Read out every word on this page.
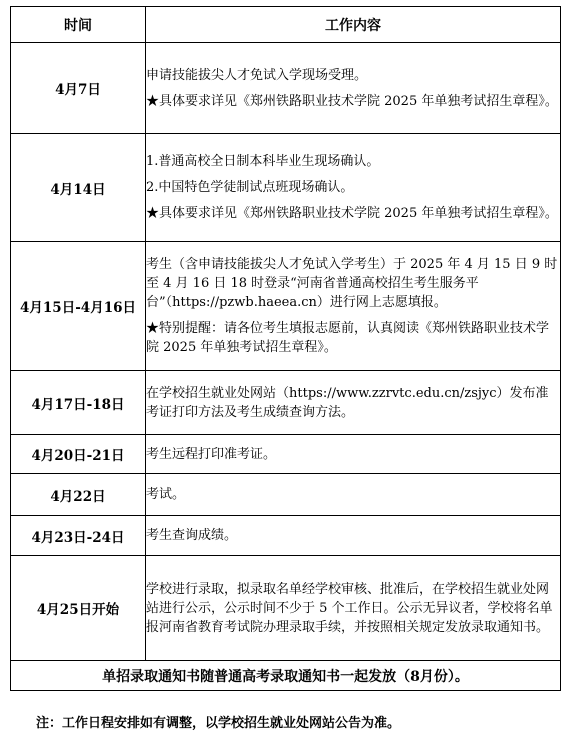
时间	工作内容
4月7日	申请技能拔尖人才免试入学现场受理。

★具体要求详见《郑州铁路职业技术学院 2025 年单独考试招生章程》。

4月14日	1.普通高校全日制本科毕业生现场确认。

2.中国特色学徒制试点班现场确认。

★具体要求详见《郑州铁路职业技术学院 2025 年单独考试招生章程》。

4月15日-4月16日	考生（含申请技能拔尖人才免试入学考生）于 2025 年 4 月 15 日 9 时至 4 月 16 日 18 时登录“河南省普通高校招生考生服务平台”（https://pzwb.haeea.cn）进行网上志愿填报。

★特别提醒：请各位考生填报志愿前，认真阅读《郑州铁路职业技术学院 2025 年单独考试招生章程》。

4月17日-18日	在学校招生就业处网站（https://www.zzrvtc.edu.cn/zsjyc）发布准考证打印方法及考生成绩查询方法。

4月20日-21日	考生远程打印准考证。

4月22日	考试。

4月23日-24日	考生查询成绩。

4月25日开始	学校进行录取，拟录取名单经学校审核、批准后，在学校招生就业处网站进行公示，公示时间不少于 5 个工作日。公示无异议者，学校将名单报河南省教育考试院办理录取手续，并按照相关规定发放录取通知书。

单招录取通知书随普通高考录取通知书一起发放（8月份）。	
注：工作日程安排如有调整，以学校招生就业处网站公告为准。
